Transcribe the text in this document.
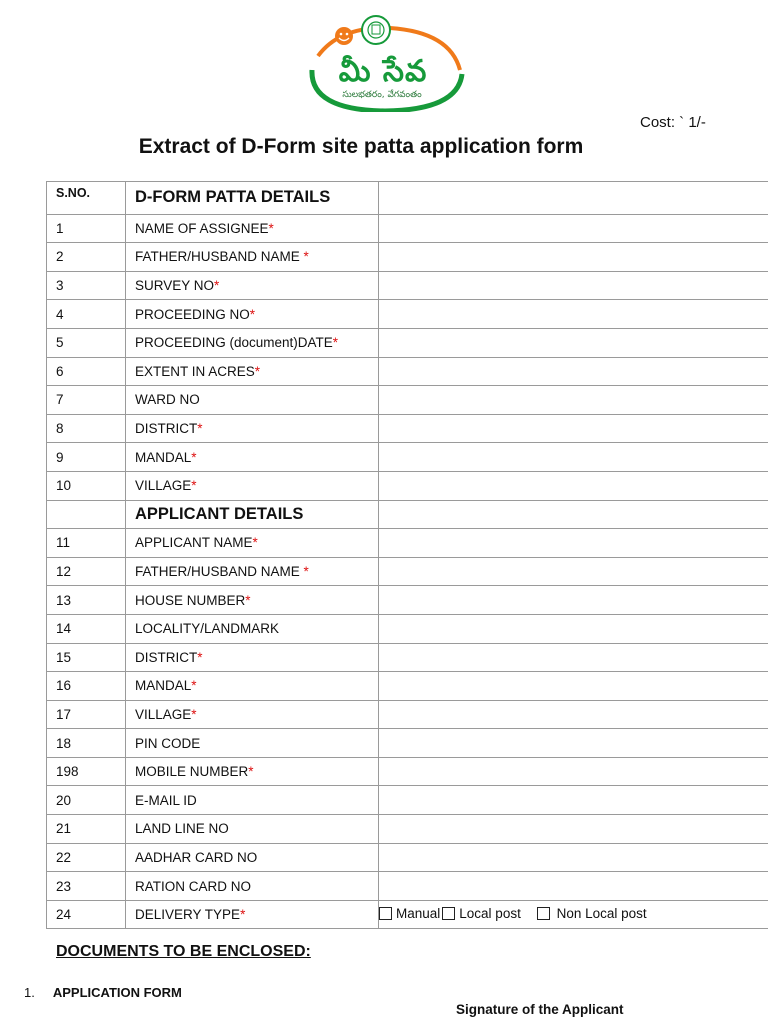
మీ సేవ
సులభతరం, వేగవంతం
Cost: ` 1/-
Extract of D-Form site patta application form
S.NO.	D-FORM PATTA DETAILS	
1	NAME OF ASSIGNEE*	
2	FATHER/HUSBAND NAME *	
3	SURVEY NO*	
4	PROCEEDING NO*	
5	PROCEEDING (document)DATE*	
6	EXTENT IN ACRES*	
7	WARD NO	
8	DISTRICT*	
9	MANDAL*	
10	VILLAGE*	
	APPLICANT DETAILS	
11	APPLICANT NAME*	
12	FATHER/HUSBAND NAME *	
13	HOUSE NUMBER*	
14	LOCALITY/LANDMARK	
15	DISTRICT*	
16	MANDAL*	
17	VILLAGE*	
18	PIN CODE	
198	MOBILE NUMBER*	
20	E-MAIL ID	
21	LAND LINE NO	
22	AADHAR CARD NO	
23	RATION CARD NO	
24	DELIVERY TYPE*	Manual Local post
Non Local post
DOCUMENTS TO BE ENCLOSED:
1. APPLICATION FORM
Signature of the Applicant
